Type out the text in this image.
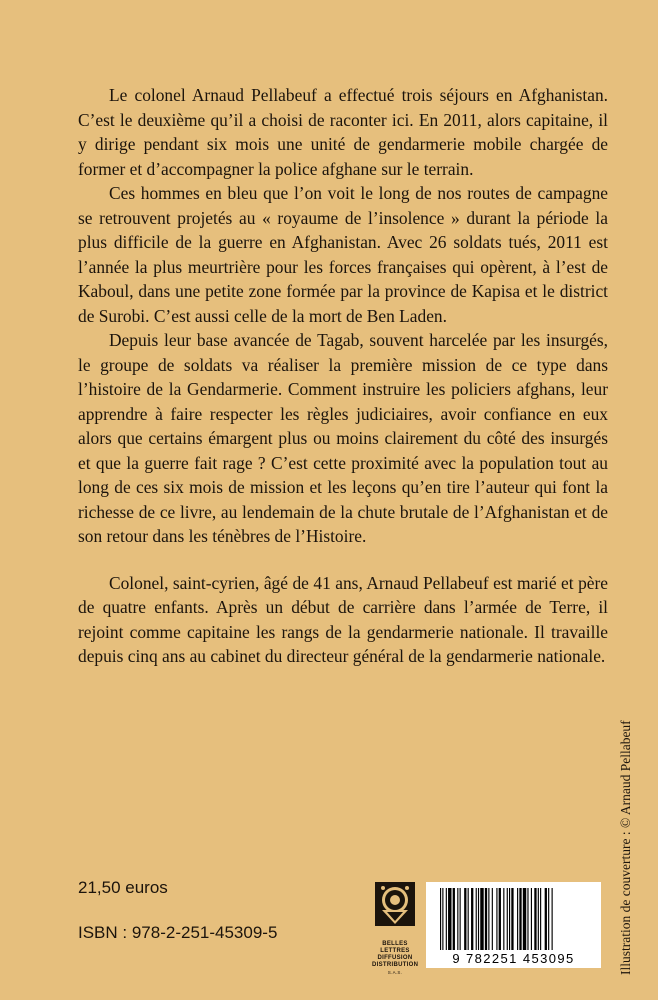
Le colonel Arnaud Pellabeuf a effectué trois séjours en Afghanistan. C’est le deuxième qu’il a choisi de raconter ici. En 2011, alors capitaine, il y dirige pendant six mois une unité de gendarmerie mobile chargée de former et d’accompagner la police afghane sur le terrain.

Ces hommes en bleu que l’on voit le long de nos routes de campagne se retrouvent projetés au « royaume de l’insolence » durant la période la plus difficile de la guerre en Afghanistan. Avec 26 soldats tués, 2011 est l’année la plus meurtrière pour les forces françaises qui opèrent, à l’est de Kaboul, dans une petite zone formée par la province de Kapisa et le district de Surobi. C’est aussi celle de la mort de Ben Laden.

Depuis leur base avancée de Tagab, souvent harcelée par les insurgés, le groupe de soldats va réaliser la première mission de ce type dans l’histoire de la Gendarmerie. Comment instruire les policiers afghans, leur apprendre à faire respecter les règles judiciaires, avoir confiance en eux alors que certains émargent plus ou moins clairement du côté des insurgés et que la guerre fait rage ? C’est cette proximité avec la population tout au long de ces six mois de mission et les leçons qu’en tire l’auteur qui font la richesse de ce livre, au lendemain de la chute brutale de l’Afghanistan et de son retour dans les ténèbres de l’Histoire.

Colonel, saint-cyrien, âgé de 41 ans, Arnaud Pellabeuf est marié et père de quatre enfants. Après un début de carrière dans l’armée de Terre, il rejoint comme capitaine les rangs de la gendarmerie nationale. Il travaille depuis cinq ans au cabinet du directeur général de la gendarmerie nationale.

21,50 euros
ISBN : 978-2-251-45309-5
BELLES LETTRES
DIFFUSION
DISTRIBUTION
S.A.S.
9 782251 453095	Illustration de couverture : © Arnaud Pellabeuf
